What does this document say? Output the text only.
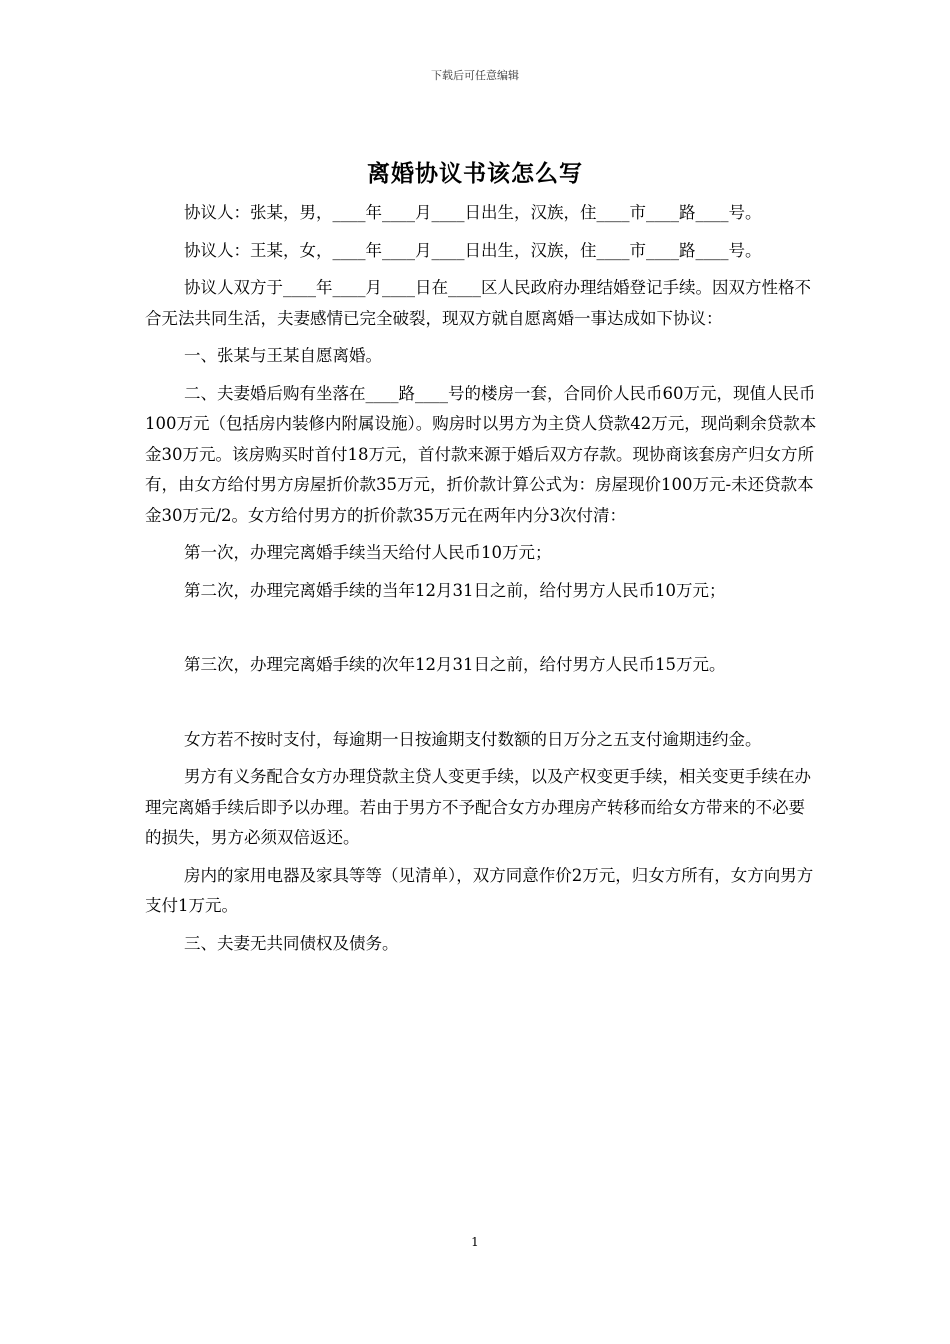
下载后可任意编辑
离婚协议书该怎么写

协议人：张某，男，____年____月____日出生，汉族，住____市____路____号。

协议人：王某，女，____年____月____日出生，汉族，住____市____路____号。

协议人双方于____年____月____日在____区人民政府办理结婚登记手续。因双方性格不合无法共同生活，夫妻感情已完全破裂，现双方就自愿离婚一事达成如下协议：

一、张某与王某自愿离婚。

二、夫妻婚后购有坐落在____路____号的楼房一套，合同价人民币60万元，现值人民币100万元（包括房内装修内附属设施）。购房时以男方为主贷人贷款42万元，现尚剩余贷款本金30万元。该房购买时首付18万元，首付款来源于婚后双方存款。现协商该套房产归女方所有，由女方给付男方房屋折价款35万元，折价款计算公式为：房屋现价100万元-未还贷款本金30万元/2。女方给付男方的折价款35万元在两年内分3次付清：

第一次，办理完离婚手续当天给付人民币10万元；

第二次，办理完离婚手续的当年12月31日之前，给付男方人民币10万元；

第三次，办理完离婚手续的次年12月31日之前，给付男方人民币15万元。

女方若不按时支付，每逾期一日按逾期支付数额的日万分之五支付逾期违约金。

男方有义务配合女方办理贷款主贷人变更手续，以及产权变更手续，相关变更手续在办理完离婚手续后即予以办理。若由于男方不予配合女方办理房产转移而给女方带来的不必要的损失，男方必须双倍返还。

房内的家用电器及家具等等（见清单），双方同意作价2万元，归女方所有，女方向男方支付1万元。

三、夫妻无共同债权及债务。

1
